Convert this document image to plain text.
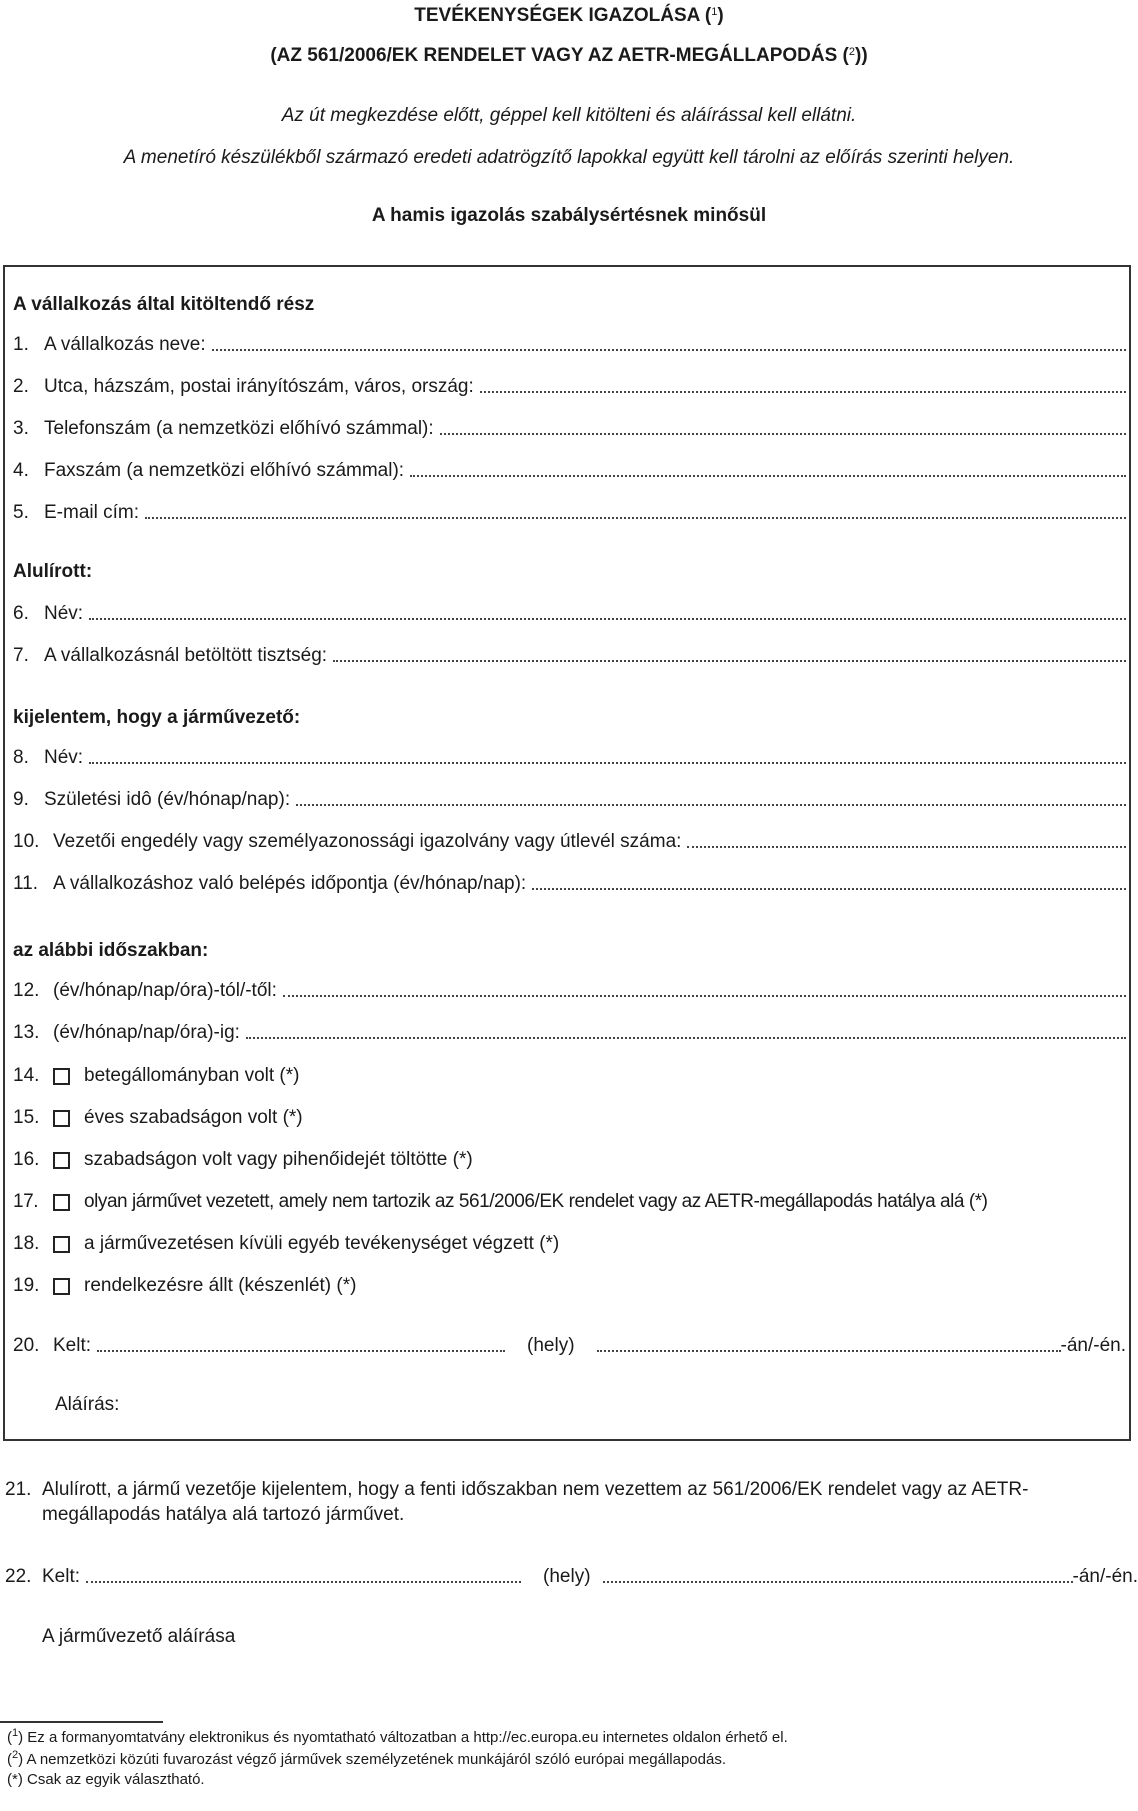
TEVÉKENYSÉGEK IGAZOLÁSA ($^1$)
(AZ 561/2006/EK RENDELET VAGY AZ AETR-MEGÁLLAPODÁS ($^2$))
Az út megkezdése előtt, géppel kell kitölteni és aláírással kell ellátni.
A menetíró készülékből származó eredeti adatrögzítő lapokkal együtt kell tárolni az előírás szerinti helyen.
A hamis igazolás szabálysértésnek minősül
A vállalkozás által kitöltendő rész
1. A vállalkozás neve:
2. Utca, házszám, postai irányítószám, város, ország:
3. Telefonszám (a nemzetközi előhívó számmal):
4. Faxszám (a nemzetközi előhívó számmal):
5. E-mail cím:
Alulírott:
6. Név:
7. A vállalkozásnál betöltött tisztség:
kijelentem, hogy a járművezető:
8. Név:
9. Születési idô (év/hónap/nap):
10. Vezetői engedély vagy személyazonossági igazolvány vagy útlevél száma:
11. A vállalkozáshoz való belépés időpontja (év/hónap/nap):
az alábbi időszakban:
12. (év/hónap/nap/óra)-tól/-től:
13. (év/hónap/nap/óra)-ig:
14.	betegállományban volt (*)
15.	éves szabadságon volt (*)
16.	szabadságon volt vagy pihenőidejét töltötte (*)
17.	olyan járművet vezetett, amely nem tartozik az 561/2006/EK rendelet vagy az AETR-megállapodás hatálya alá (*)
18.	a járművezetésen kívüli egyéb tevékenységet végzett (*)
19.	rendelkezésre állt (készenlét) (*)
20. Kelt:	(hely)	-án/-én.
Aláírás:
21. Alulírott, a jármű vezetője kijelentem, hogy a fenti időszakban nem vezettem az 561/2006/EK rendelet vagy az AETR-
megállapodás hatálya alá tartozó járművet.
22. Kelt:	(hely)	-án/-én.
A járművezető aláírása
($^1$) Ez a formanyomtatvány elektronikus és nyomtatható változatban a http://ec.europa.eu internetes oldalon érhető el.
($^2$) A nemzetközi közúti fuvarozást végző járművek személyzetének munkájáról szóló európai megállapodás.
(*) Csak az egyik választható.
